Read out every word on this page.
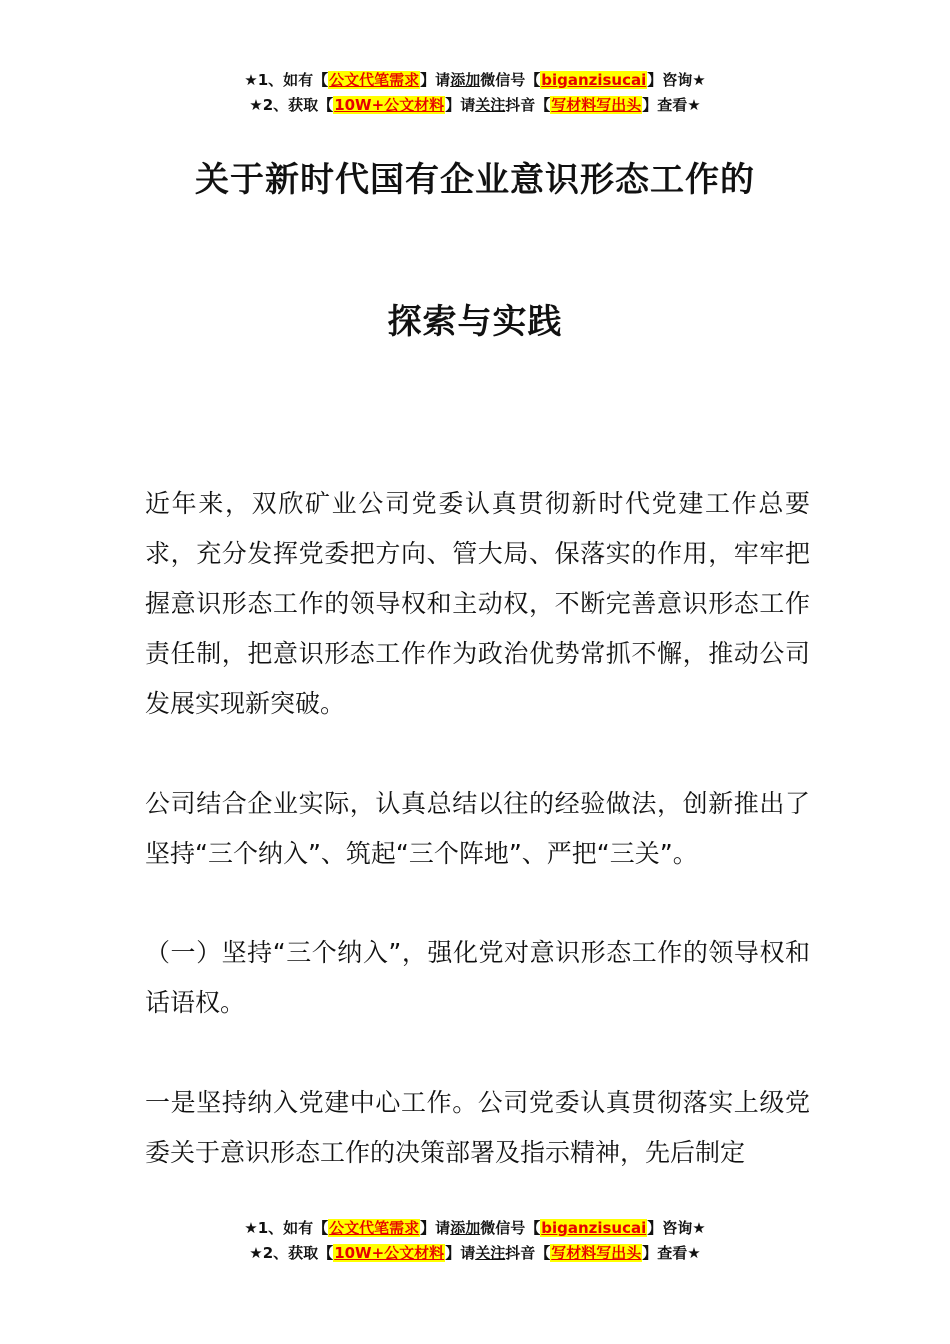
★1、如有【公文代笔需求】请添加微信号【biganzisucai】咨询★
★2、获取【10W+公文材料】请关注抖音【写材料写出头】查看★
关于新时代国有企业意识形态工作的
探索与实践

近年来，双欣矿业公司党委认真贯彻新时代党建工作总要求，充分发挥党委把方向、管大局、保落实的作用，牢牢把握意识形态工作的领导权和主动权，不断完善意识形态工作责任制，把意识形态工作作为政治优势常抓不懈，推动公司发展实现新突破。

公司结合企业实际，认真总结以往的经验做法，创新推出了坚持“三个纳入”、筑起“三个阵地”、严把“三关”。

（一）坚持“三个纳入”，强化党对意识形态工作的领导权和话语权。

一是坚持纳入党建中心工作。公司党委认真贯彻落实上级党委关于意识形态工作的决策部署及指示精神，先后制定

★1、如有【公文代笔需求】请添加微信号【biganzisucai】咨询★
★2、获取【10W+公文材料】请关注抖音【写材料写出头】查看★
